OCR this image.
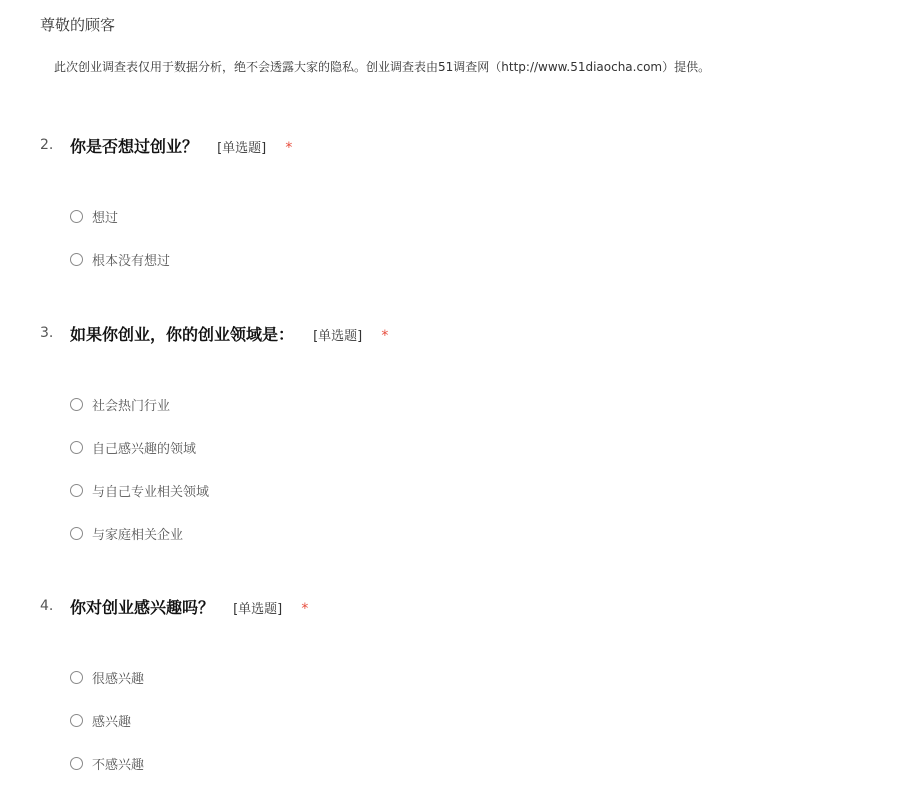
尊敬的顾客
此次创业调查表仅用于数据分析，绝不会透露大家的隐私。创业调查表由51调查网（http://www.51diaocha.com）提供。
2. 你是否想过创业？ [单选题] *
想过
根本没有想过
3. 如果你创业，你的创业领域是： [单选题] *
社会热门行业
自己感兴趣的领域
与自己专业相关领域
与家庭相关企业
4. 你对创业感兴趣吗？ [单选题] *
很感兴趣
感兴趣
不感兴趣
